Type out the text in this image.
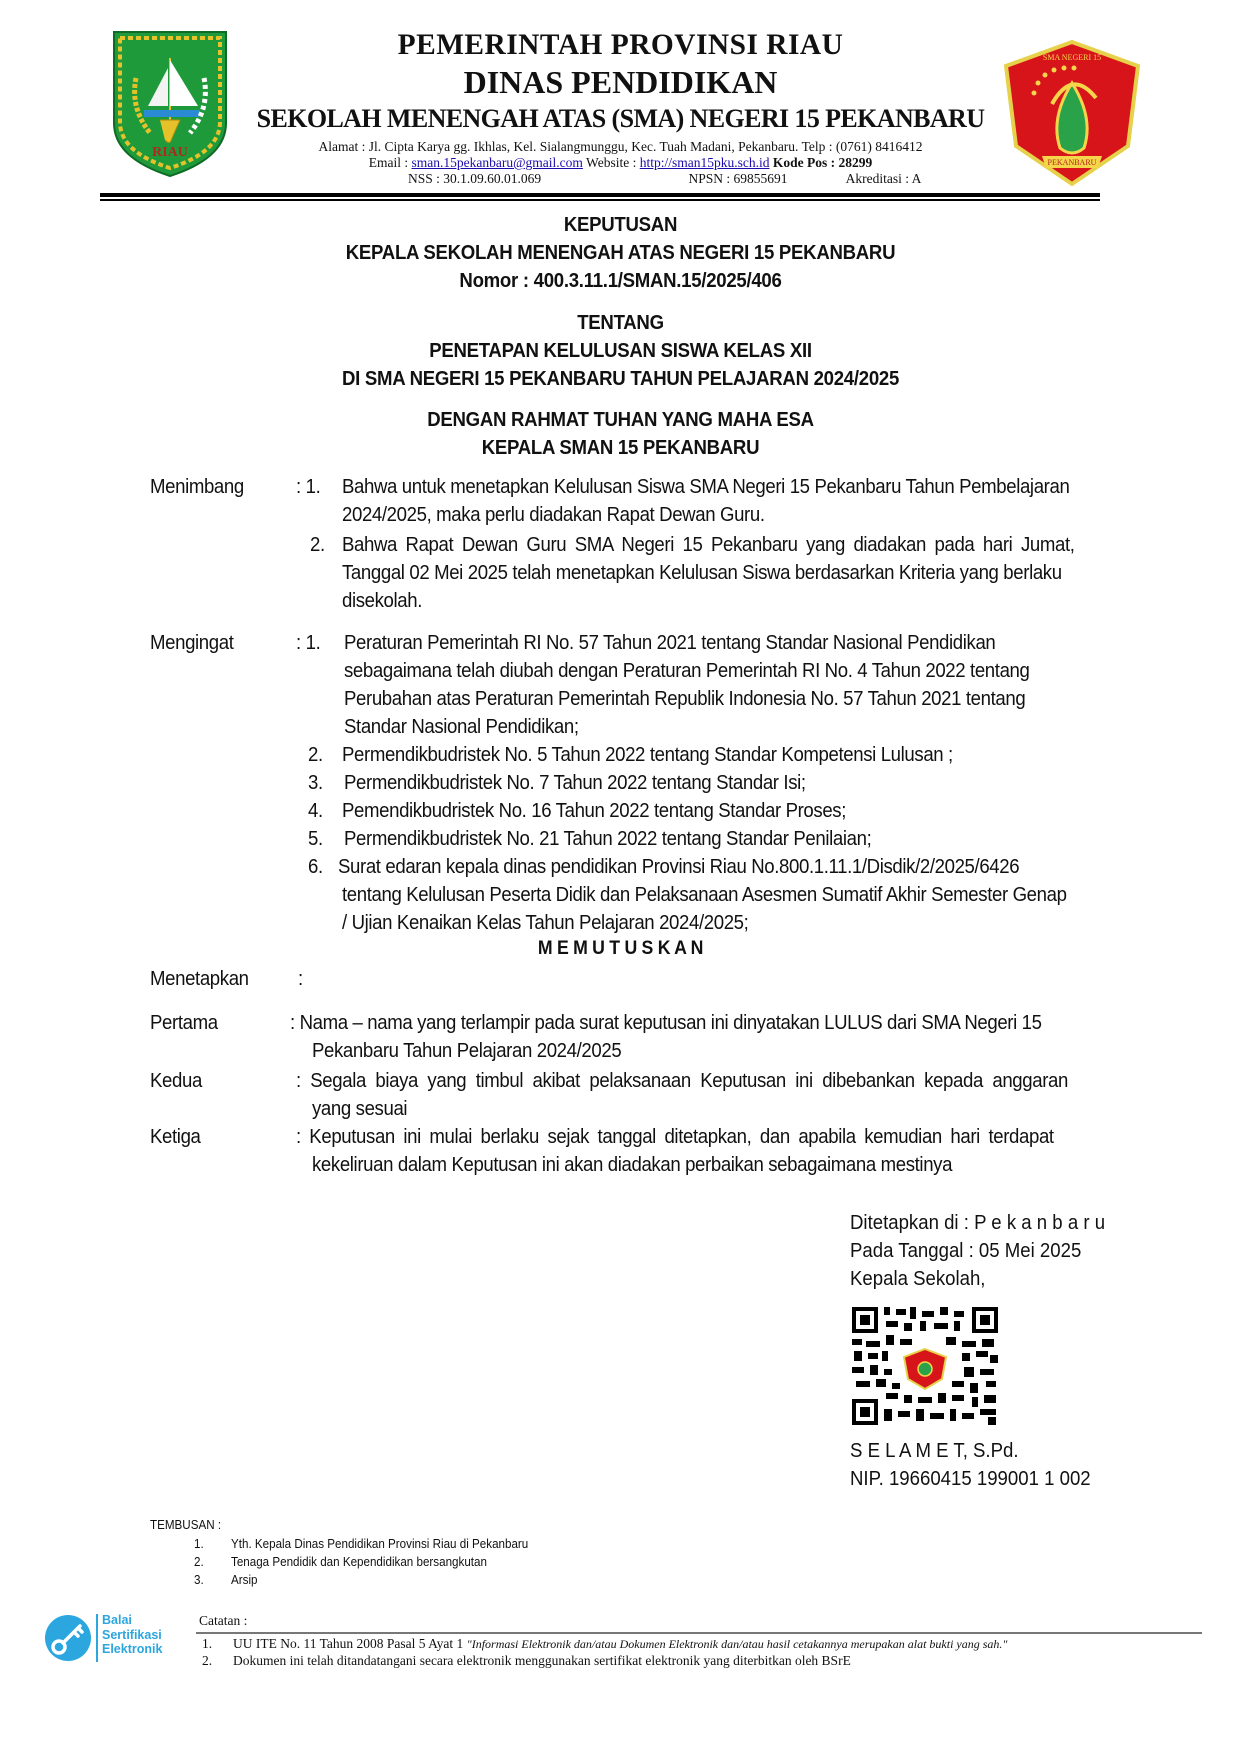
RIAU
PEMERINTAH PROVINSI RIAU
DINAS PENDIDIKAN
SEKOLAH MENENGAH ATAS (SMA) NEGERI 15 PEKANBARU
Alamat : Jl. Cipta Karya gg. Ikhlas, Kel. Sialangmunggu, Kec. Tuah Madani, Pekanbaru. Telp : (0761) 8416412
Email : sman.15pekanbaru@gmail.com Website : http://sman15pku.sch.id Kode Pos : 28299
NSS : 30.1.09.60.01.069	NPSN : 69855691	Akreditasi : A
PEKANBARU
SMA NEGERI 15
KEPUTUSAN
KEPALA SEKOLAH MENENGAH ATAS NEGERI 15 PEKANBARU
Nomor : 400.3.11.1/SMAN.15/2025/406
TENTANG
PENETAPAN KELULUSAN SISWA KELAS XII
DI SMA NEGERI 15 PEKANBARU TAHUN PELAJARAN 2024/2025
DENGAN RAHMAT TUHAN YANG MAHA ESA
KEPALA SMAN 15 PEKANBARU
Menimbang	: 1. Bahwa untuk menetapkan Kelulusan Siswa SMA Negeri 15 Pekanbaru Tahun Pembelajaran
2024/2025, maka perlu diadakan Rapat Dewan Guru.
2. Bahwa Rapat Dewan Guru SMA Negeri 15 Pekanbaru yang diadakan pada hari Jumat,
Tanggal 02 Mei 2025 telah menetapkan Kelulusan Siswa berdasarkan Kriteria yang berlaku
disekolah.
Mengingat	: 1. Peraturan Pemerintah RI No. 57 Tahun 2021 tentang Standar Nasional Pendidikan
sebagaimana telah diubah dengan Peraturan Pemerintah RI No. 4 Tahun 2022 tentang
Perubahan atas Peraturan Pemerintah Republik Indonesia No. 57 Tahun 2021 tentang
Standar Nasional Pendidikan;
2. Permendikbudristek No. 5 Tahun 2022 tentang Standar Kompetensi Lulusan ;
3. Permendikbudristek No. 7 Tahun 2022 tentang Standar Isi;
4. Pemendikbudristek No. 16 Tahun 2022 tentang Standar Proses;
5. Permendikbudristek No. 21 Tahun 2022 tentang Standar Penilaian;
6. Surat edaran kepala dinas pendidikan Provinsi Riau No.800.1.11.1/Disdik/2/2025/6426
tentang Kelulusan Peserta Didik dan Pelaksanaan Asesmen Sumatif Akhir Semester Genap
/ Ujian Kenaikan Kelas Tahun Pelajaran 2024/2025;
M E M U T U S K A N
Menetapkan :
Pertama	: Nama – nama yang terlampir pada surat keputusan ini dinyatakan LULUS dari SMA Negeri 15
Pekanbaru Tahun Pelajaran 2024/2025
Kedua	: Segala biaya yang timbul akibat pelaksanaan Keputusan ini dibebankan kepada anggaran
yang sesuai
Ketiga	: Keputusan ini mulai berlaku sejak tanggal ditetapkan, dan apabila kemudian hari terdapat
kekeliruan dalam Keputusan ini akan diadakan perbaikan sebagaimana mestinya
Ditetapkan di : P e k a n b a r u
Pada Tanggal : 05 Mei 2025
Kepala Sekolah,
S E L A M E T, S.Pd.
NIP. 19660415 199001 1 002
TEMBUSAN :
1. Yth. Kepala Dinas Pendidikan Provinsi Riau di Pekanbaru
2. Tenaga Pendidik dan Kependidikan bersangkutan
3. Arsip
Balai
Sertifikasi
Elektronik
Catatan :
1. UU ITE No. 11 Tahun 2008 Pasal 5 Ayat 1 "Informasi Elektronik dan/atau Dokumen Elektronik dan/atau hasil cetakannya merupakan alat bukti yang sah."
2. Dokumen ini telah ditandatangani secara elektronik menggunakan sertifikat elektronik yang diterbitkan oleh BSrE
